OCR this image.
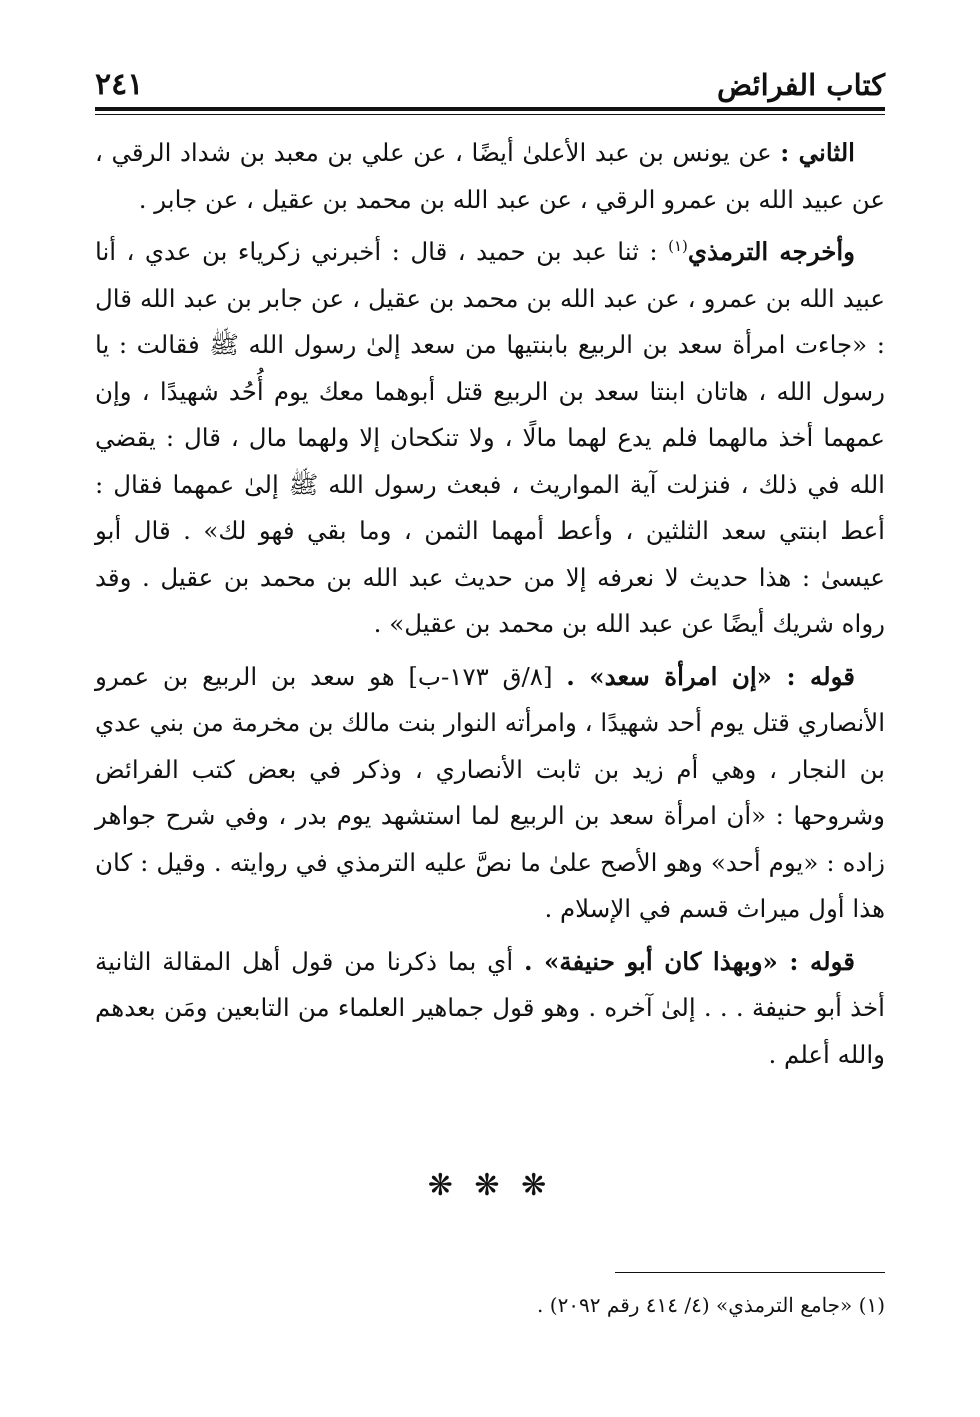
٢٤١	كتاب الفرائض

الثاني : عن يونس بن عبد الأعلىٰ أيضًا ، عن علي بن معبد بن شداد الرقي ، عن عبيد الله بن عمرو الرقي ، عن عبد الله بن محمد بن عقيل ، عن جابر .

وأخرجه الترمذي$^{(١)}$ : ثنا عبد بن حميد ، قال : أخبرني زكرياء بن عدي ، أنا عبيد الله بن عمرو ، عن عبد الله بن محمد بن عقيل ، عن جابر بن عبد الله قال : «جاءت امرأة سعد بن الربيع بابنتيها من سعد إلىٰ رسول الله ﷺ فقالت : يا رسول الله ، هاتان ابنتا سعد بن الربيع قتل أبوهما معك يوم أُحُد شهيدًا ، وإن عمهما أخذ مالهما فلم يدع لهما مالًا ، ولا تنكحان إلا ولهما مال ، قال : يقضي الله في ذلك ، فنزلت آية المواريث ، فبعث رسول الله ﷺ إلىٰ عمهما فقال : أعط ابنتي سعد الثلثين ، وأعط أمهما الثمن ، وما بقي فهو لك» . قال أبو عيسىٰ : هذا حديث لا نعرفه إلا من حديث عبد الله بن محمد بن عقيل . وقد رواه شريك أيضًا عن عبد الله بن محمد بن عقيل» .

قوله : «إن امرأة سعد» . [٨/ق ١٧٣-ب] هو سعد بن الربيع بن عمرو الأنصاري قتل يوم أحد شهيدًا ، وامرأته النوار بنت مالك بن مخرمة من بني عدي بن النجار ، وهي أم زيد بن ثابت الأنصاري ، وذكر في بعض كتب الفرائض وشروحها : «أن امرأة سعد بن الربيع لما استشهد يوم بدر ، وفي شرح جواهر زاده : «يوم أحد» وهو الأصح علىٰ ما نصَّ عليه الترمذي في روايته . وقيل : كان هذا أول ميراث قسم في الإسلام .

قوله : «وبهذا كان أبو حنيفة» . أي بما ذكرنا من قول أهل المقالة الثانية أخذ أبو حنيفة . . . إلىٰ آخره . وهو قول جماهير العلماء من التابعين ومَن بعدهم والله أعلم .

❋ ❋ ❋
(١) «جامع الترمذي» (٤/ ٤١٤ رقم ٢٠٩٢) .
